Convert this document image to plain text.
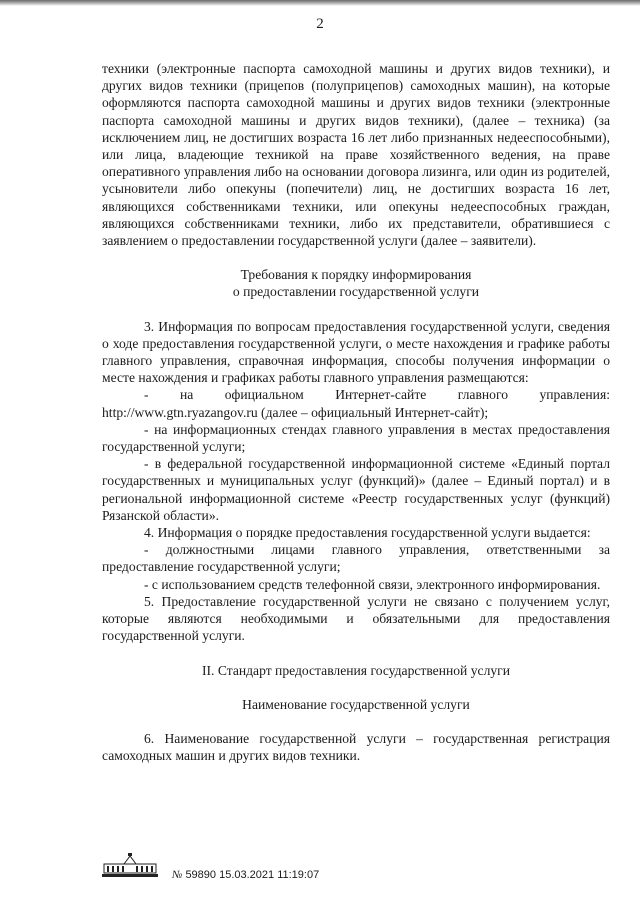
2

техники (электронные паспорта самоходной машины и других видов техники), и других видов техники (прицепов (полуприцепов) самоходных машин), на которые оформляются паспорта самоходной машины и других видов техники (электронные паспорта самоходной машины и других видов техники), (далее – техника) (за исключением лиц, не достигших возраста 16 лет либо признанных недееспособными), или лица, владеющие техникой на праве хозяйственного ведения, на праве оперативного управления либо на основании договора лизинга, или один из родителей, усыновители либо опекуны (попечители) лиц, не достигших возраста 16 лет, являющихся собственниками техники, или опекуны недееспособных граждан, являющихся собственниками техники, либо их представители, обратившиеся с заявлением о предоставлении государственной услуги (далее – заявители).

Требования к порядку информирования

о предоставлении государственной услуги

3. Информация по вопросам предоставления государственной услуги, сведения о ходе предоставления государственной услуги, о месте нахождения и графике работы главного управления, справочная информация, способы получения информации о месте нахождения и графиках работы главного управления размещаются:

- на официальном Интернет-сайте главного управления: http://www.gtn.ryazangov.ru (далее – официальный Интернет-сайт);

- на информационных стендах главного управления в местах предоставления государственной услуги;

- в федеральной государственной информационной системе «Единый портал государственных и муниципальных услуг (функций)» (далее – Единый портал) и в региональной информационной системе «Реестр государственных услуг (функций) Рязанской области».

4. Информация о порядке предоставления государственной услуги выдается:

- должностными лицами главного управления, ответственными за предоставление государственной услуги;

- с использованием средств телефонной связи, электронного информирования.

5. Предоставление государственной услуги не связано с получением услуг, которые являются необходимыми и обязательными для предоставления государственной услуги.

II. Стандарт предоставления государственной услуги

Наименование государственной услуги

6. Наименование государственной услуги – государственная регистрация самоходных машин и других видов техники.

№ 59890 15.03.2021 11:19:07
